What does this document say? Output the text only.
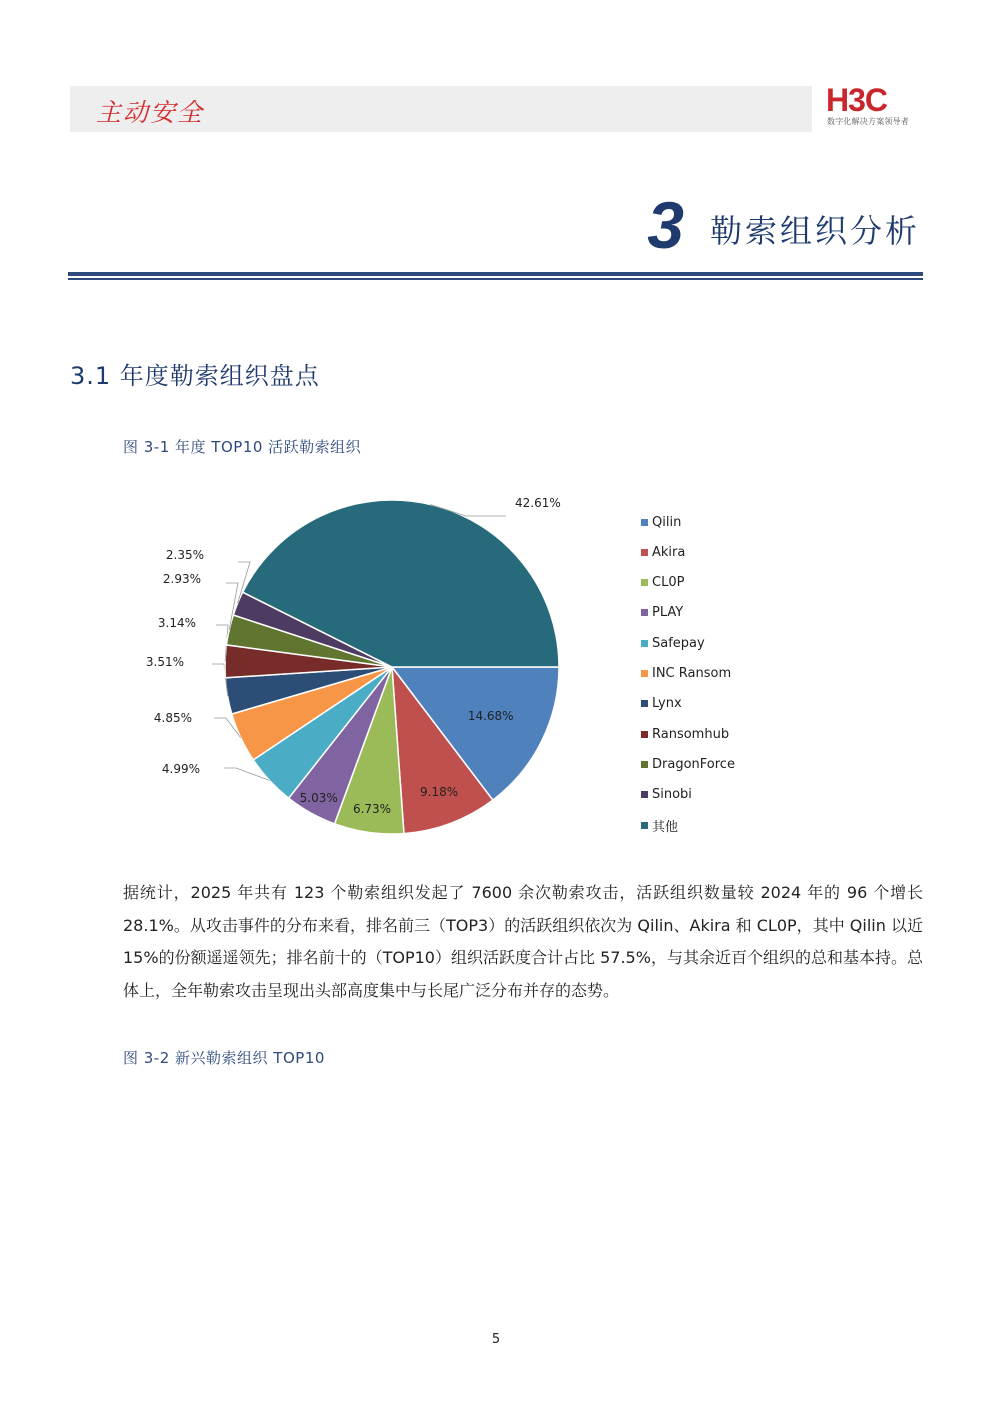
主动安全	H3C
数字化解决方案领导者
3 勒索组织分析
3.1 年度勒索组织盘点
图 3-1 年度 TOP10 活跃勒索组织
14.68%
9.18%
6.73%
5.03%
4.99%
4.85%
3.51%
3.14%
2.93%
2.35%
42.61%
Qilin
Akira
CL0P
PLAY
Safepay
INC Ransom
Lynx
Ransomhub
DragonForce
Sinobi
其他
据统计，2025 年共有 123 个勒索组织发起了 7600 余次勒索攻击，活跃组织数量较 2024 年的 96 个增长 28.1%。从攻击事件的分布来看，排名前三（TOP3）的活跃组织依次为 Qilin、Akira 和 CL0P，其中 Qilin 以近 15%的份额遥遥领先；排名前十的（TOP10）组织活跃度合计占比 57.5%，与其余近百个组织的总和基本持。总体上，全年勒索攻击呈现出头部高度集中与长尾广泛分布并存的态势。
图 3-2 新兴勒索组织 TOP10
5
